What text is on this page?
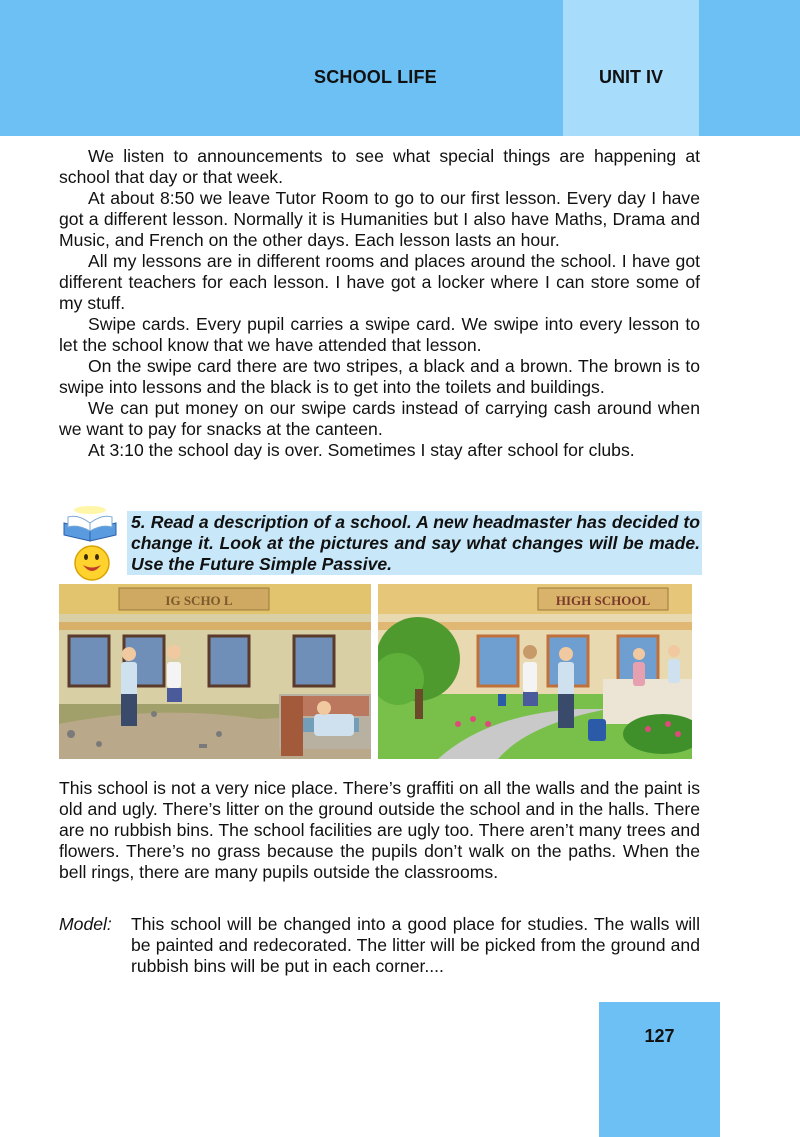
SCHOOL LIFE	UNIT IV

We listen to announcements to see what special things are happening at school that day or that week.

At about 8:50 we leave Tutor Room to go to our first lesson. Every day I have got a different lesson. Normally it is Humanities but I also have Maths, Drama and Music, and French on the other days. Each lesson lasts an hour.

All my lessons are in different rooms and places around the school. I have got different teachers for each lesson. I have got a locker where I can store some of my stuff.

Swipe cards. Every pupil carries a swipe card. We swipe into every lesson to let the school know that we have attended that lesson.

On the swipe card there are two stripes, a black and a brown. The brown is to swipe into lessons and the black is to get into the toilets and buildings.

We can put money on our swipe cards instead of carrying cash around when we want to pay for snacks at the canteen.

At 3:10 the school day is over. Sometimes I stay after school for clubs.

5. Read a description of a school. A new headmaster has decided to change it. Look at the pictures and say what changes will be made. Use the Future Simple Passive.
IG SCHO L	HIGH SCHOOL

This school is not a very nice place. There’s graffiti on all the walls and the paint is old and ugly. There’s litter on the ground outside the school and in the halls. There are no rubbish bins. The school facilities are ugly too. There aren’t many trees and flowers. There’s no grass because the pupils don’t walk on the paths. When the bell rings, there are many pupils outside the classrooms.

Model: This school will be changed into a good place for studies. The walls will be painted and redecorated. The litter will be picked from the ground and rubbish bins will be put in each corner....

127
